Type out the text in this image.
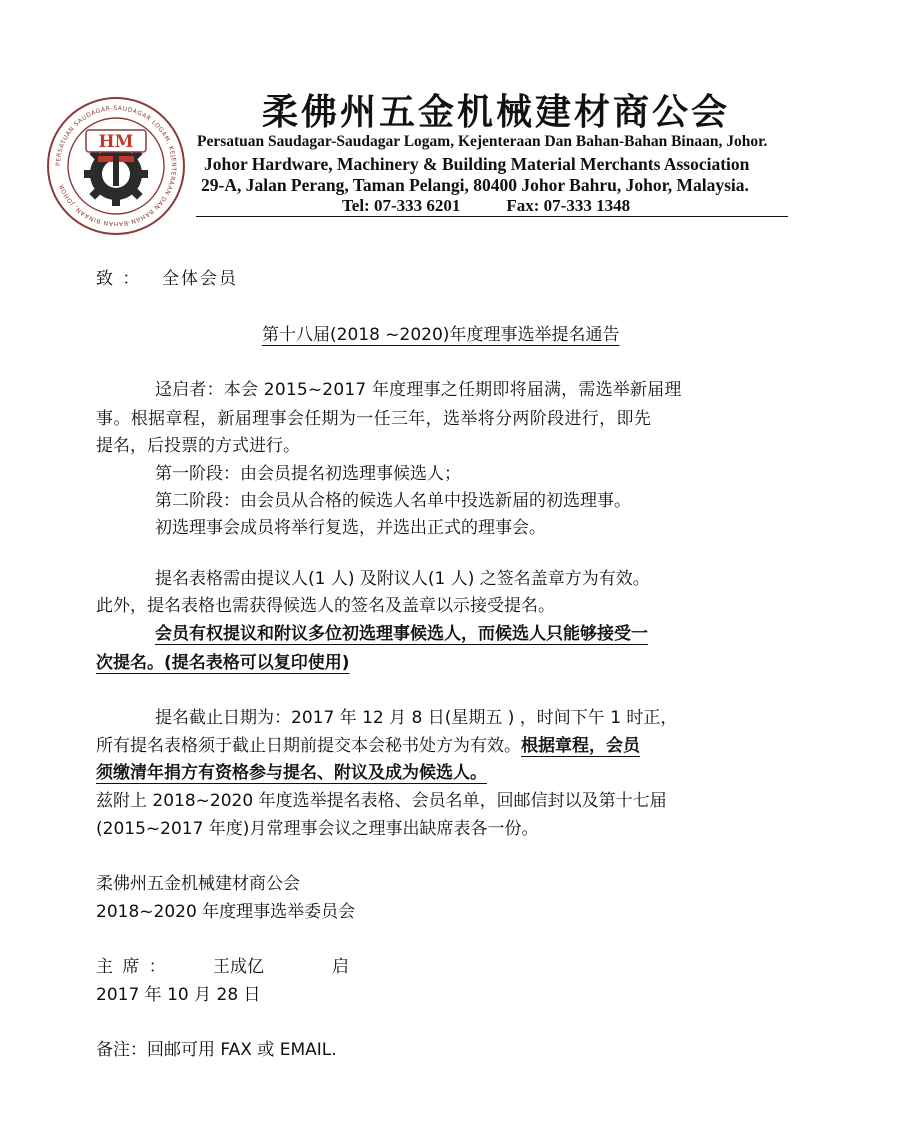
PERSATUAN SAUDAGAR-SAUDAGAR LOGAM, KEJENTERAAN DAN BAHAN-BAHAN BINAAN, JOHOR
HM
柔佛州五金机械建材商公会
Persatuan Saudagar-Saudagar Logam, Kejenteraan Dan Bahan-Bahan Binaan, Johor.
Johor Hardware, Machinery & Building Material Merchants Association
29-A, Jalan Perang, Taman Pelangi, 80400 Johor Bahru, Johor, Malaysia.
Tel: 07-333 6201	Fax: 07-333 1348
致 ： 全体会员
第十八届(2018 ~2020)年度理事选举提名通告
迳启者：本会 2015~2017 年度理事之任期即将届满，需选举新届理
事。根据章程，新届理事会任期为一任三年，选举将分两阶段进行，即先
提名，后投票的方式进行。
第一阶段：由会员提名初选理事候选人；
第二阶段：由会员从合格的候选人名单中投选新届的初选理事。
初选理事会成员将举行复选，并选出正式的理事会。
提名表格需由提议人(1 人) 及附议人(1 人) 之签名盖章方为有效。
此外，提名表格也需获得候选人的签名及盖章以示接受提名。
会员有权提议和附议多位初选理事候选人，而候选人只能够接受一
次提名。(提名表格可以复印使用)
提名截止日期为：2017 年 12 月 8 日(星期五 ) ，时间下午 1 时正，
所有提名表格须于截止日期前提交本会秘书处方为有效。根据章程，会员
须缴清年捐方有资格参与提名、附议及成为候选人。
兹附上 2018~2020 年度选举提名表格、会员名单，回邮信封以及第十七届
(2015~2017 年度)月常理事会议之理事出缺席表各一份。
柔佛州五金机械建材商公会
2018~2020 年度理事选举委员会
主 席 ：	王成亿	启
2017 年 10 月 28 日
备注：回邮可用 FAX 或 EMAIL.
